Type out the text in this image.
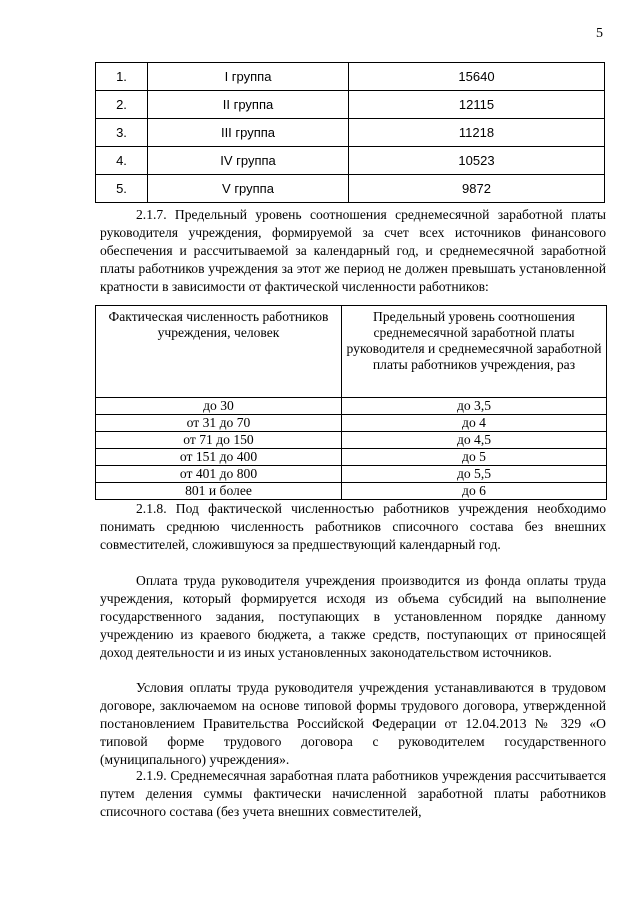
5
1.	I группа	15640
2.	II группа	12115
3.	III группа	11218
4.	IV группа	10523
5.	V группа	9872

2.1.7. Предельный уровень соотношения среднемесячной заработной платы руководителя учреждения, формируемой за счет всех источников финансового обеспечения и рассчитываемой за календарный год, и среднемесячной заработной платы работников учреждения за этот же период не должен превышать установленной кратности в зависимости от фактической численности работников:

Фактическая численность работников учреждения, человек	Предельный уровень соотношения среднемесячной заработной платы руководителя и среднемесячной заработной платы работников учреждения, раз
до 30	до 3,5
от 31 до 70	до 4
от 71 до 150	до 4,5
от 151 до 400	до 5
от 401 до 800	до 5,5
801 и более	до 6

2.1.8. Под фактической численностью работников учреждения необходимо понимать среднюю численность работников списочного состава без внешних совместителей, сложившуюся за предшествующий календарный год.

Оплата труда руководителя учреждения производится из фонда оплаты труда учреждения, который формируется исходя из объема субсидий на выполнение государственного задания, поступающих в установленном порядке данному учреждению из краевого бюджета, а также средств, поступающих от приносящей доход деятельности и из иных установленных законодательством источников.

Условия оплаты труда руководителя учреждения устанавливаются в трудовом договоре, заключаемом на основе типовой формы трудового договора, утвержденной постановлением Правительства Российской Федерации от 12.04.2013 № 329 «О типовой форме трудового договора с руководителем государственного (муниципального) учреждения».

2.1.9. Среднемесячная заработная плата работников учреждения рассчитывается путем деления суммы фактически начисленной заработной платы работников списочного состава (без учета внешних совместителей,
